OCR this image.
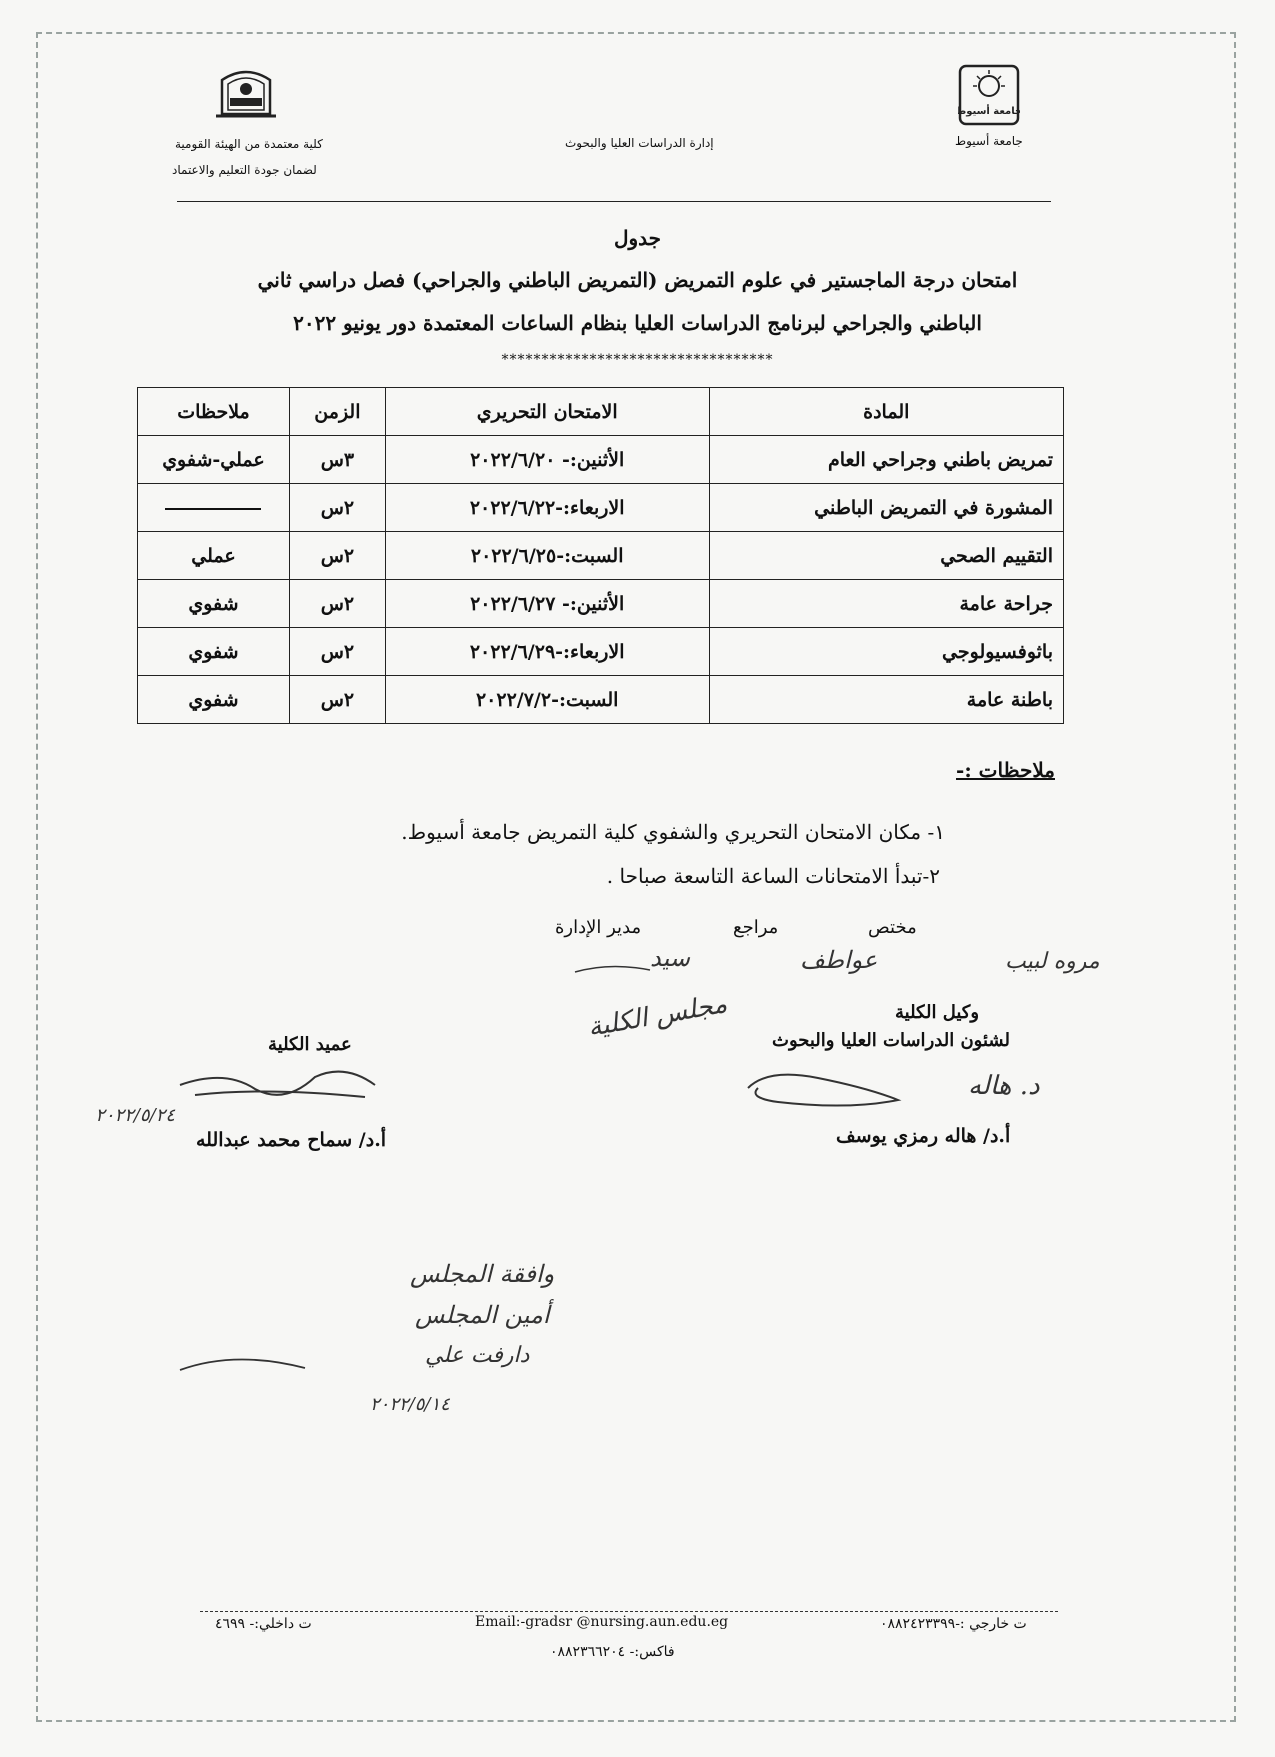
جامعة أسيوط
جامعة أسيوط
إدارة الدراسات العليا والبحوث
كلية معتمدة من الهيئة القومية
لضمان جودة التعليم والاعتماد
جدول
امتحان درجة الماجستير في علوم التمريض (التمريض الباطني والجراحي) فصل دراسي ثاني
الباطني والجراحي لبرنامج الدراسات العليا بنظام الساعات المعتمدة دور يونيو ٢٠٢٢
**********************************
المادة	الامتحان التحريري	الزمن	ملاحظات
تمريض باطني وجراحي العام	الأثنين:- ٢٠٢٢/٦/٢٠	٣س	عملي-شفوي
المشورة في التمريض الباطني	الاربعاء:-٢٠٢٢/٦/٢٢	٢س	
التقييم الصحي	السبت:-٢٠٢٢/٦/٢٥	٢س	عملي
جراحة عامة	الأثنين:- ٢٠٢٢/٦/٢٧	٢س	شفوي
باثوفسيولوجي	الاربعاء:-٢٠٢٢/٦/٢٩	٢س	شفوي
باطنة عامة	السبت:-٢٠٢٢/٧/٢	٢س	شفوي
ملاحظات :-
١- مكان الامتحان التحريري والشفوي كلية التمريض جامعة أسيوط.
٢-تبدأ الامتحانات الساعة التاسعة صباحا .
مختص
مراجع
مدير الإدارة
مروه لبيب
عواطف
سيد
وكيل الكلية
لشئون الدراسات العليا والبحوث
د. هاله
أ.د/ هاله رمزي يوسف
عميد الكلية
مجلس الكلية
٢٠٢٢/٥/٢٤
أ.د/ سماح محمد عبدالله
وافقة المجلس
أمين المجلس
دارفت علي
٢٠٢٢/٥/١٤
ت خارجي :-٠٨٨٢٤٢٣٣٩٩
Email:-gradsr @nursing.aun.edu.eg
ت داخلي:- ٤٦٩٩
فاكس:- ٠٨٨٢٣٦٦٢٠٤
